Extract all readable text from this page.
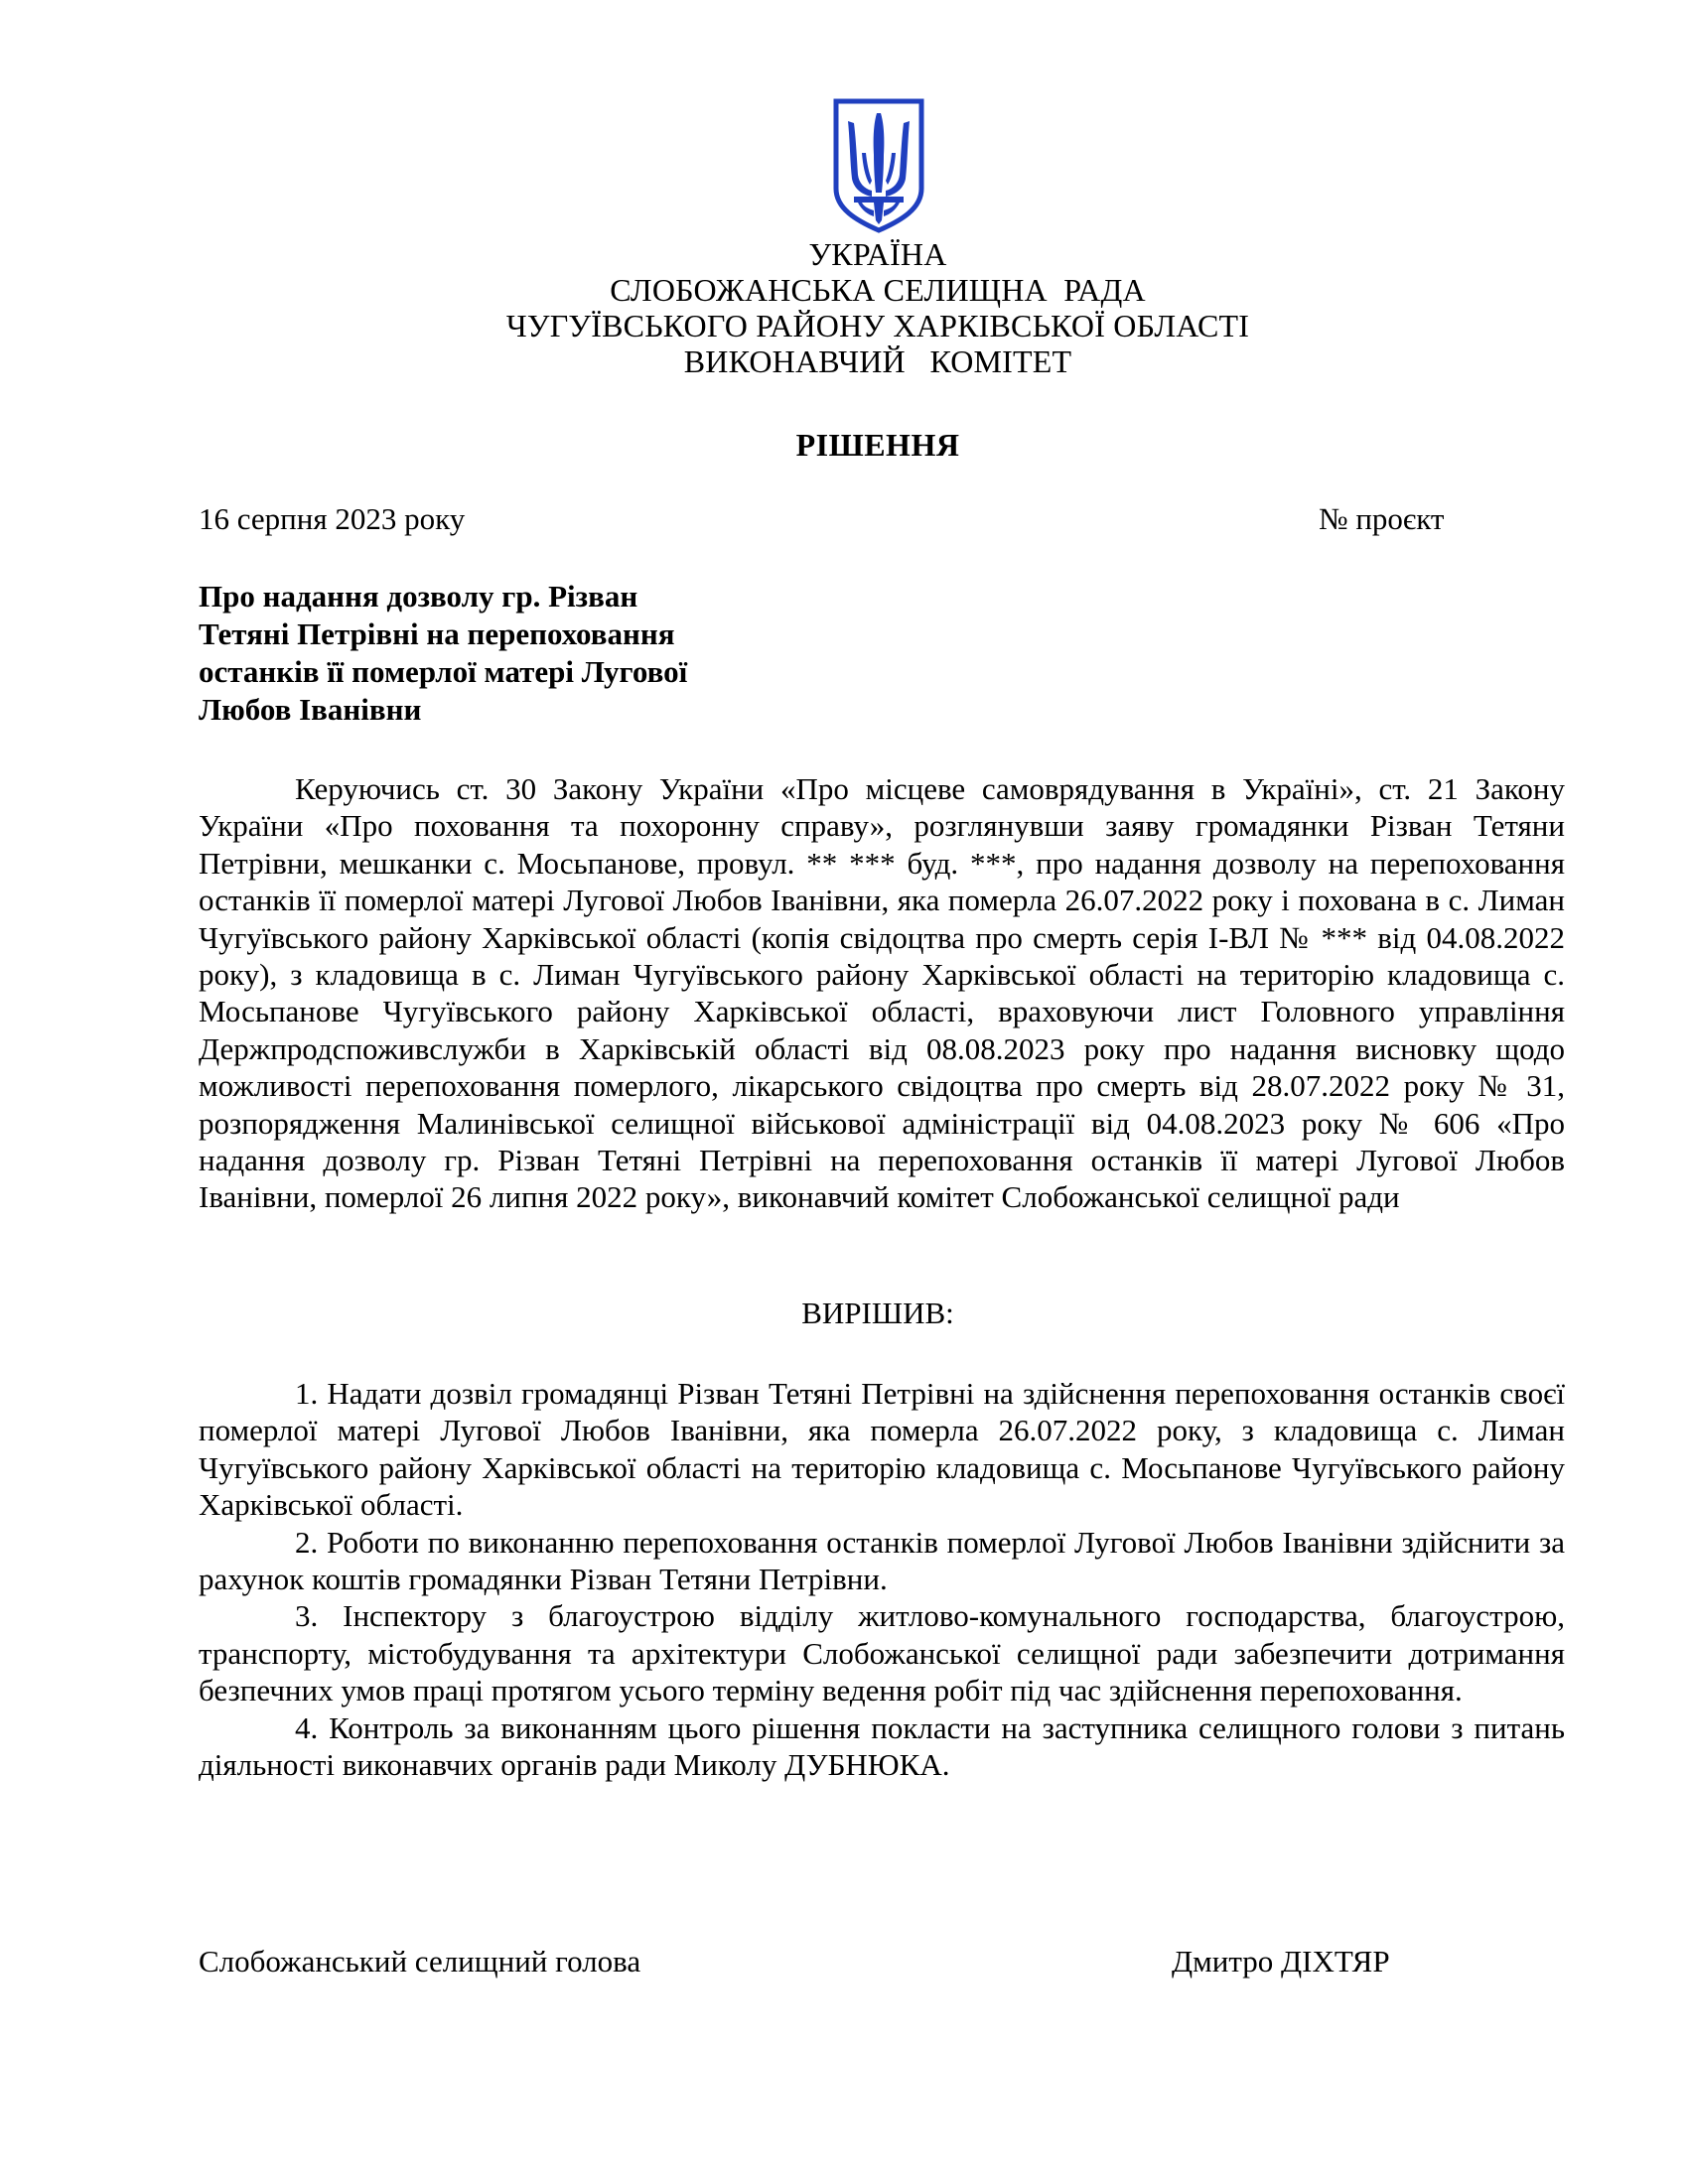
УКРАЇНА
СЛОБОЖАНСЬКА СЕЛИЩНА  РАДА
ЧУГУЇВСЬКОГО РАЙОНУ ХАРКІВСЬКОЇ ОБЛАСТІ
ВИКОНАВЧИЙ   КОМІТЕТ
РІШЕННЯ
16 серпня 2023 року	№ проєкт
Про надання дозволу гр. Різван
Тетяні Петрівні на перепоховання
останків її померлої матері Лугової
Любов Іванівни
Керуючись ст. 30 Закону України «Про місцеве самоврядування в Україні», ст. 21 Закону України «Про поховання та похоронну справу», розглянувши заяву громадянки Різван Тетяни Петрівни, мешканки с. Мосьпанове, провул. ** *** буд. ***, про надання дозволу на перепоховання останків її померлої матері Лугової Любов Іванівни, яка померла 26.07.2022 року і похована в с. Лиман Чугуївського району Харківської області (копія свідоцтва про смерть серія І-ВЛ № *** від 04.08.2022 року), з кладовища в с. Лиман Чугуївського району Харківської області на територію кладовища с. Мосьпанове Чугуївського району Харківської області, враховуючи лист Головного управління Держпродспоживслужби в Харківській області від 08.08.2023 року про надання висновку щодо можливості перепоховання померлого, лікарського свідоцтва про смерть від 28.07.2022 року № 31, розпорядження Малинівської селищної військової адміністрації від 04.08.2023 року № 606 «Про надання дозволу гр. Різван Тетяні Петрівні на перепоховання останків її матері Лугової Любов Іванівни, померлої 26 липня 2022 року», виконавчий комітет Слобожанської селищної ради
ВИРІШИВ:

1. Надати дозвіл громадянці Різван Тетяні Петрівні на здійснення перепоховання останків своєї померлої матері Лугової Любов Іванівни, яка померла 26.07.2022 року, з кладовища с. Лиман Чугуївського району Харківської області на територію кладовища с. Мосьпанове Чугуївського району Харківської області.

2. Роботи по виконанню перепоховання останків померлої Лугової Любов Іванівни здійснити за рахунок коштів громадянки Різван Тетяни Петрівни.

3. Інспектору з благоустрою відділу житлово-комунального господарства, благоустрою, транспорту, містобудування та архітектури Слобожанської селищної ради забезпечити дотримання безпечних умов праці протягом усього терміну ведення робіт під час здійснення перепоховання.

4. Контроль за виконанням цього рішення покласти на заступника селищного голови з питань діяльності виконавчих органів ради Миколу ДУБНЮКА.

Слобожанський селищний голова	Дмитро ДІХТЯР
